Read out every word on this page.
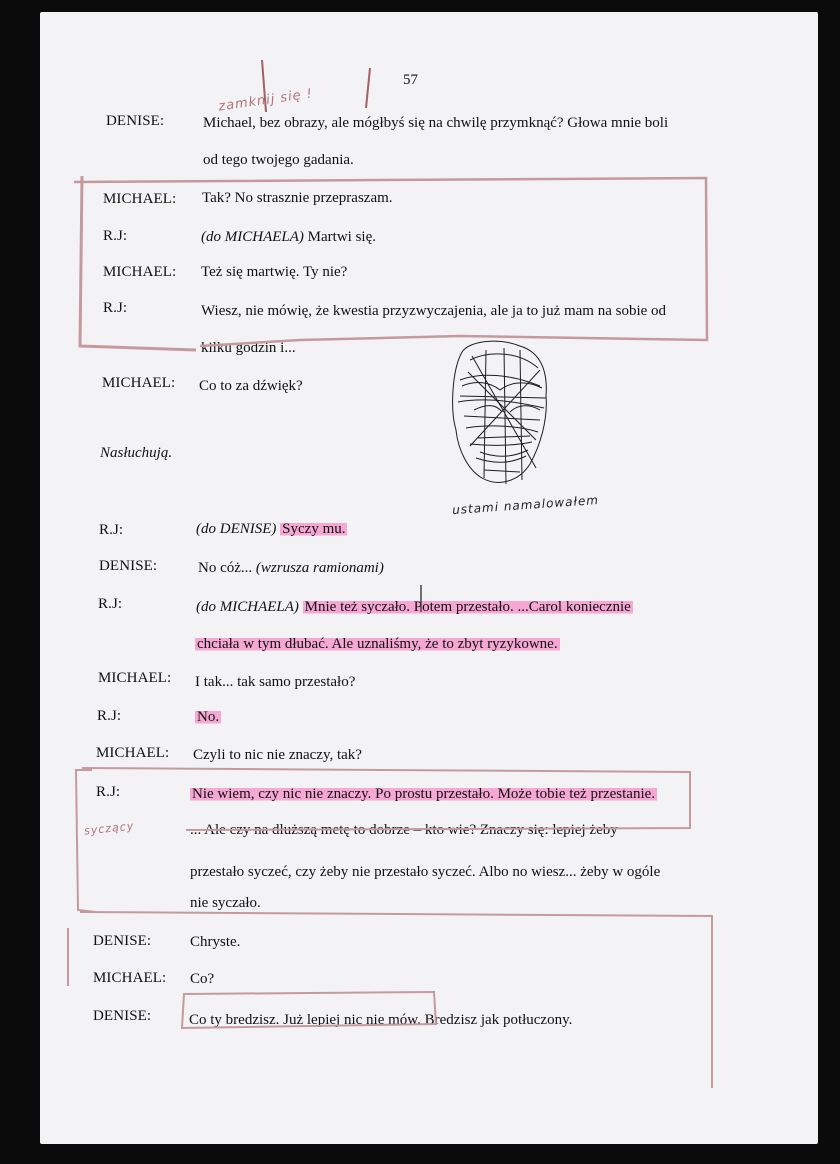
57
DENISE:	Michael, bez obrazy, ale mógłbyś się na chwilę przymknąć? Głowa mnie boli
od tego twojego gadania.
MICHAEL: Tak? No strasznie przepraszam.
R.J:	(do MICHAELA) Martwi się.
MICHAEL: Też się martwię. Ty nie?
R.J:	Wiesz, nie mówię, że kwestia przyzwyczajenia, ale ja to już mam na sobie od
kilku godzin i...
MICHAEL: Co to za dźwięk?
R.J:	(do DENISE) Syczy mu.
DENISE:	No cóż... (wzrusza ramionami)
R.J:	(do MICHAELA) Mnie też syczało. Potem przestało. ...Carol koniecznie
chciała w tym dłubać. Ale uznaliśmy, że to zbyt ryzykowne.
MICHAEL: I tak... tak samo przestało?
R.J:	No.
MICHAEL: Czyli to nic nie znaczy, tak?
R.J:	Nie wiem, czy nic nie znaczy. Po prostu przestało. Może tobie też przestanie.
... Ale czy na dłuższą metę to dobrze – kto wie? Znaczy się: lepiej żeby
przestało syczeć, czy żeby nie przestało syczeć. Albo no wiesz... żeby w ogóle
nie syczało.
DENISE:	Chryste.
MICHAEL: Co?
DENISE:	Co ty bredzisz. Już lepiej nic nie mów. Bredzisz jak potłuczony.
Nasłuchują.
zamknij się !
ustami namalowałem
syczący
